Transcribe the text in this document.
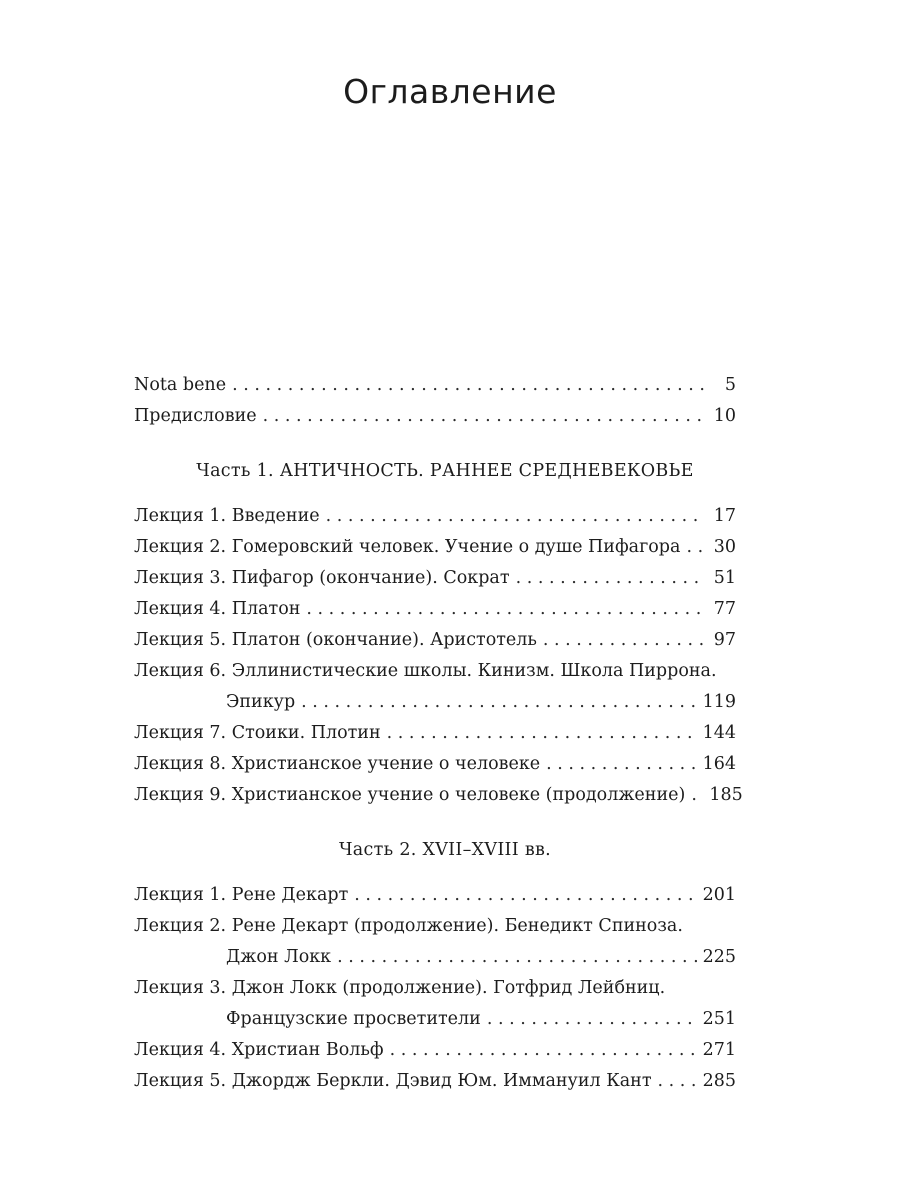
Оглавление
Nota bene . . .	5
Предисловие . . .	10

Часть 1. АНТИЧНОСТЬ. РАННЕЕ СРЕДНЕВЕКОВЬЕ

Лекция 1. Введение . . .	17
Лекция 2. Гомеровский человек. Учение о душе Пифагора . . . 30
Лекция 3. Пифагор (окончание). Сократ . . .	51
Лекция 4. Платон . . .	77
Лекция 5. Платон (окончание). Аристотель . . .	97
Лекция 6. Эллинистические школы. Кинизм. Школа Пиррона.
Эпикур . . .	119
Лекция 7. Стоики. Плотин . . .	144
Лекция 8. Христианское учение о человеке . . .	164
Лекция 9. Христианское учение о человеке (продолжение) . . . 185

Часть 2. XVII–XVIII вв.

Лекция 1. Рене Декарт . . .	201
Лекция 2. Рене Декарт (продолжение). Бенедикт Спиноза.
Джон Локк . . .	225
Лекция 3. Джон Локк (продолжение). Готфрид Лейбниц.
Французские просветители . . .	251
Лекция 4. Христиан Вольф . . .	271
Лекция 5. Джордж Беркли. Дэвид Юм. Иммануил Кант . . .	285
